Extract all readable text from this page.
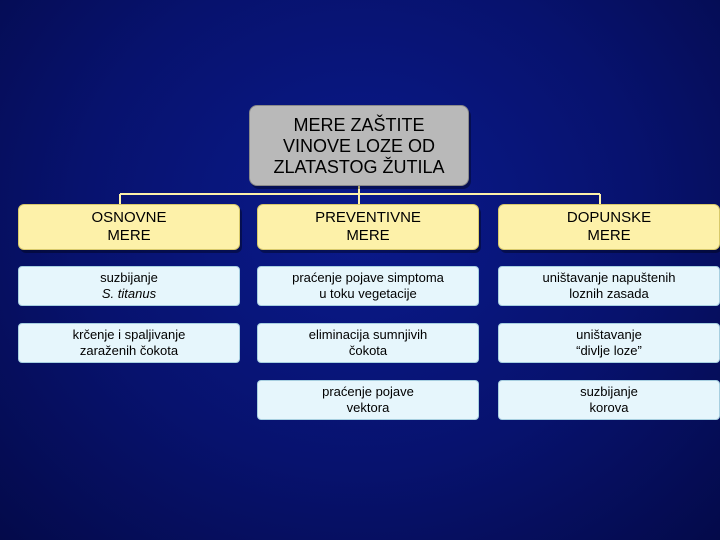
MERE ZAŠTITE
VINOVE LOZE OD
ZLATASTOG ŽUTILA
OSNOVNE
MERE
suzbijanje
S. titanus
krčenje i spaljivanje
zaraženih čokota
PREVENTIVNE
MERE
praćenje pojave simptoma
u toku vegetacije
eliminacija sumnjivih
čokota
praćenje pojave
vektora
DOPUNSKE
MERE
uništavanje napuštenih
loznih zasada
uništavanje
“divlje loze”
suzbijanje
korova
